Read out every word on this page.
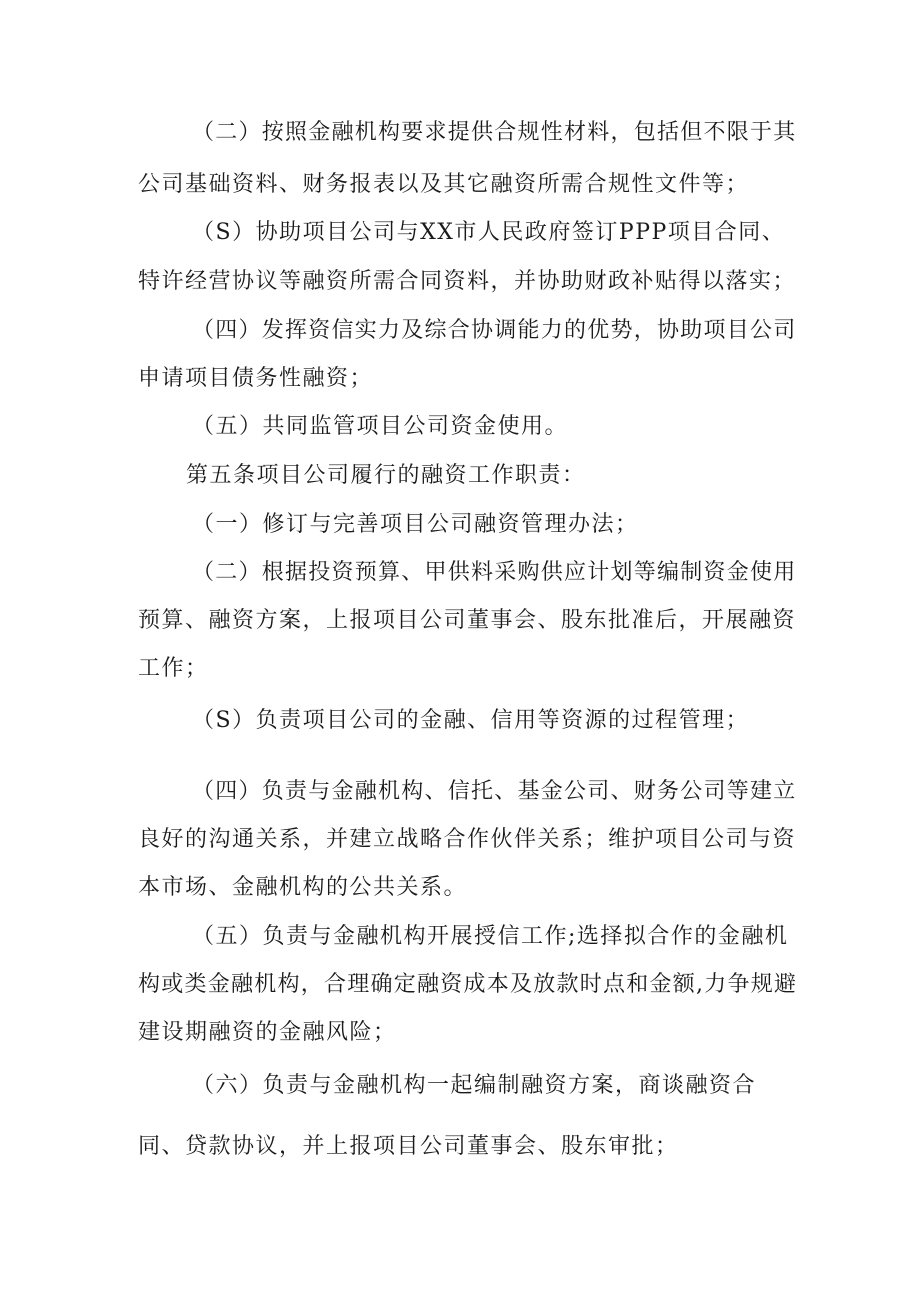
（二）按照金融机构要求提供合规性材料，包括但不限于其
公司基础资料、财务报表以及其它融资所需合规性文件等；
（S）协助项目公司与XX市人民政府签订PPP项目合同、
特许经营协议等融资所需合同资料，并协助财政补贴得以落实；
（四）发挥资信实力及综合协调能力的优势，协助项目公司
申请项目债务性融资；
（五）共同监管项目公司资金使用。
第五条项目公司履行的融资工作职责：
（一）修订与完善项目公司融资管理办法；
（二）根据投资预算、甲供料采购供应计划等编制资金使用
预算、融资方案，上报项目公司董事会、股东批准后，开展融资
工作；
（S）负责项目公司的金融、信用等资源的过程管理；
（四）负责与金融机构、信托、基金公司、财务公司等建立
良好的沟通关系，并建立战略合作伙伴关系；维护项目公司与资
本市场、金融机构的公共关系。
（五）负责与金融机构开展授信工作;选择拟合作的金融机
构或类金融机构，合理确定融资成本及放款时点和金额,力争规避
建设期融资的金融风险；
（六）负责与金融机构一起编制融资方案，商谈融资合
同、贷款协议，并上报项目公司董事会、股东审批；
